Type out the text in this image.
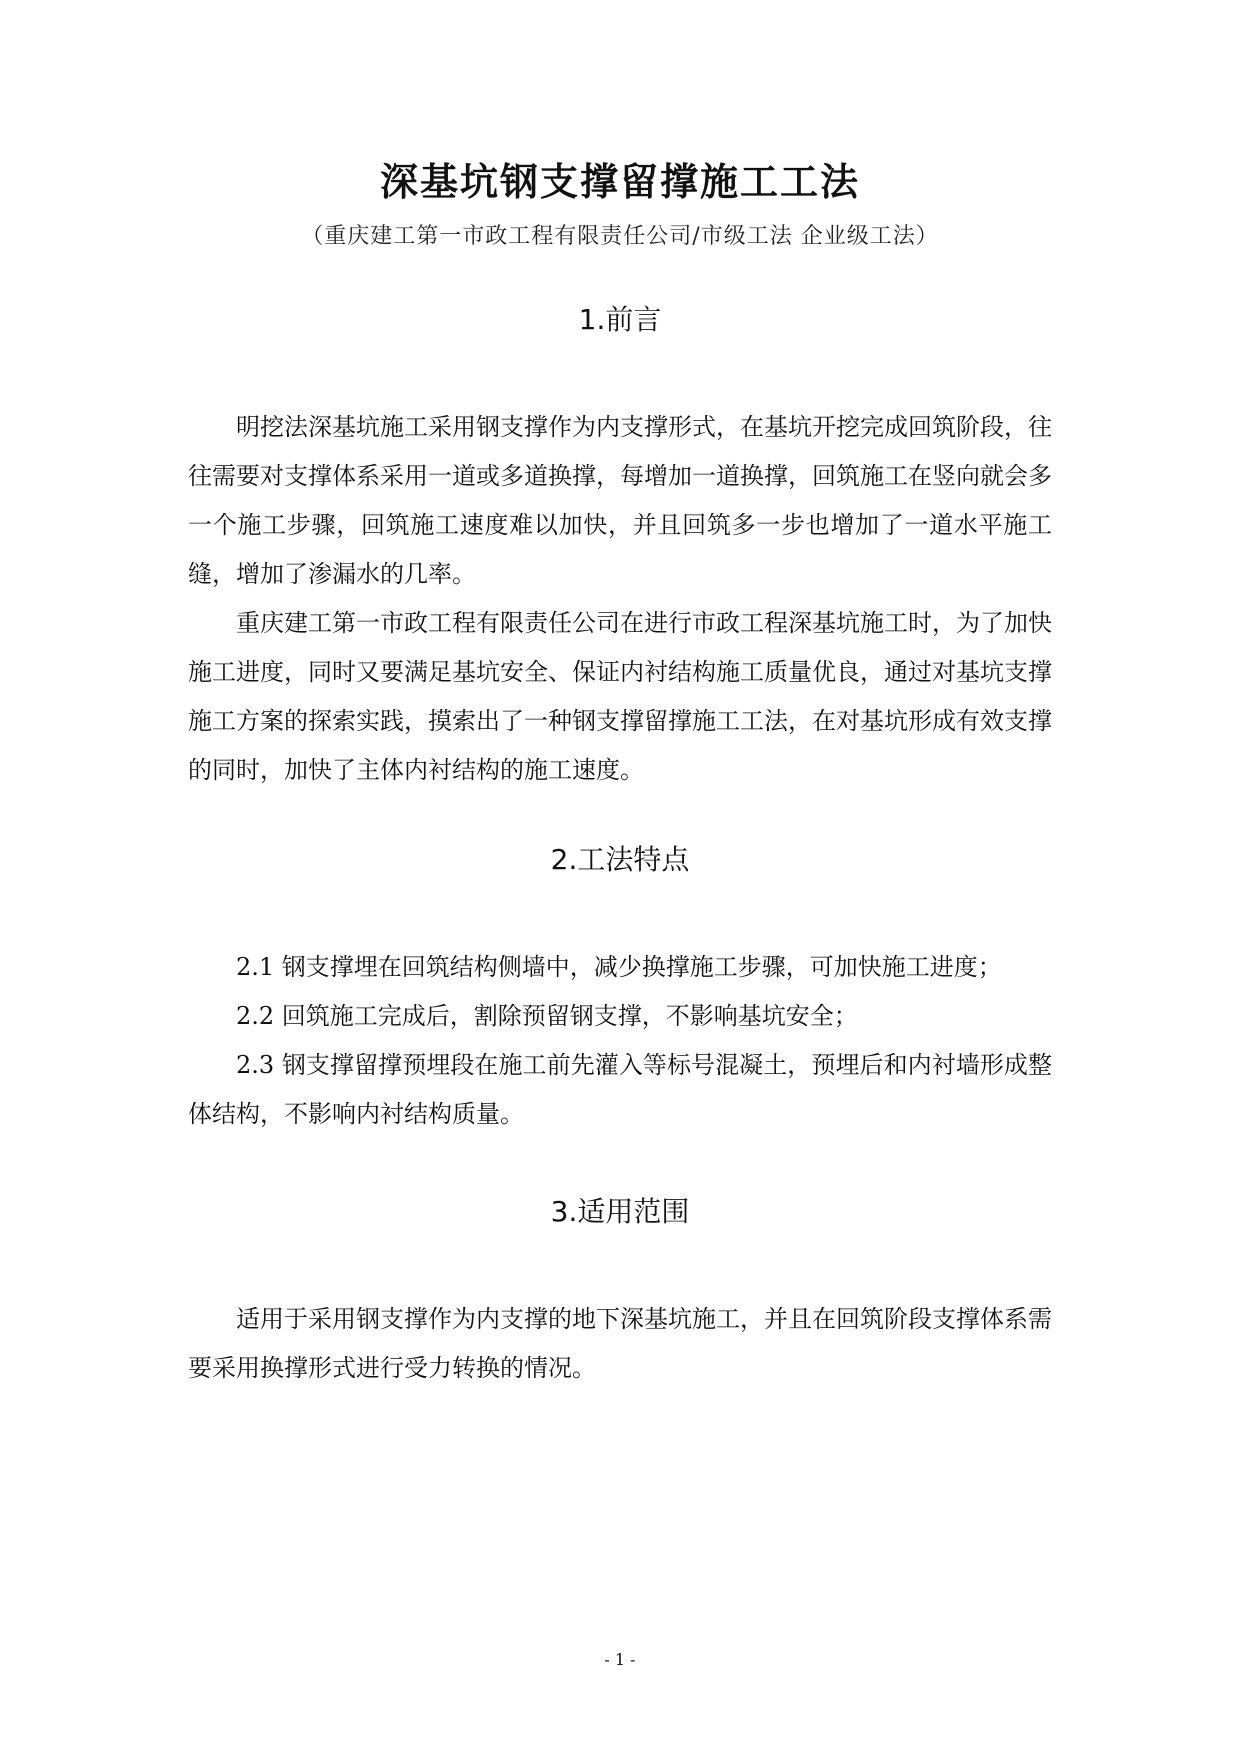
深基坑钢支撑留撑施工工法
（重庆建工第一市政工程有限责任公司/市级工法 企业级工法）
1.前言

明挖法深基坑施工采用钢支撑作为内支撑形式，在基坑开挖完成回筑阶段，往往需要对支撑体系采用一道或多道换撑，每增加一道换撑，回筑施工在竖向就会多一个施工步骤，回筑施工速度难以加快，并且回筑多一步也增加了一道水平施工缝，增加了渗漏水的几率。

重庆建工第一市政工程有限责任公司在进行市政工程深基坑施工时，为了加快施工进度，同时又要满足基坑安全、保证内衬结构施工质量优良，通过对基坑支撑施工方案的探索实践，摸索出了一种钢支撑留撑施工工法，在对基坑形成有效支撑的同时，加快了主体内衬结构的施工速度。

2.工法特点

2.1 钢支撑埋在回筑结构侧墙中，减少换撑施工步骤，可加快施工进度；

2.2 回筑施工完成后，割除预留钢支撑，不影响基坑安全；

2.3 钢支撑留撑预埋段在施工前先灌入等标号混凝土，预埋后和内衬墙形成整体结构，不影响内衬结构质量。

3.适用范围

适用于采用钢支撑作为内支撑的地下深基坑施工，并且在回筑阶段支撑体系需要采用换撑形式进行受力转换的情况。

- 1 -
